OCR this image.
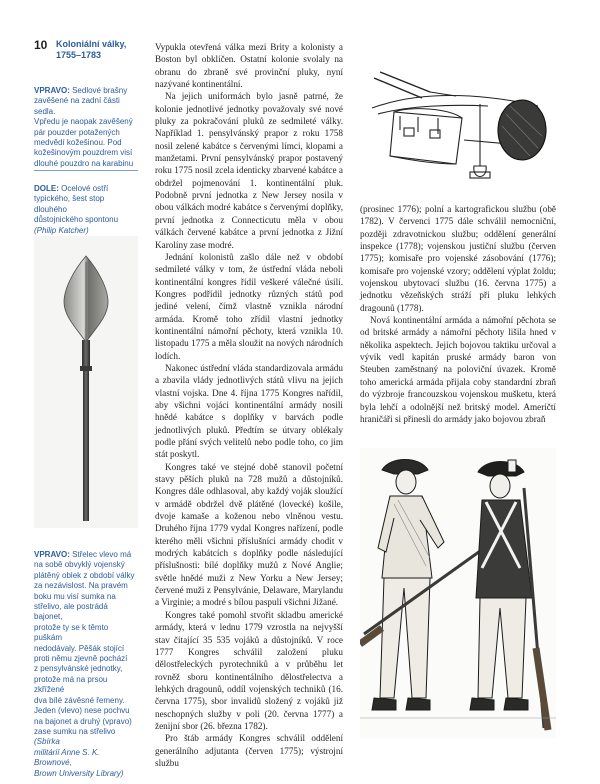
10 Koloniální války,
1755–1783
VPRAVO: Sedlové brašny
zavěšené na zadní části sedla.
Vpředu je naopak zavěšený
pár pouzder potažených
medvědí kožešinou. Pod
kožešinovým pouzdrem visí
dlouhé pouzdro na karabinu
DOLE: Ocelové ostří
typického, šest stop dlouhého
důstojnického spontonu
(Philip Katcher)
VPRAVO: Střelec vlevo má
na sobě obvyklý vojenský
plátěný oblek z období války
za nezávislost. Na pravém
boku mu visí sumka na
střelivo, ale postrádá bajonet,
protože ty se k těmto puškám
nedodávaly. Pěšák stojící
proti němu zjevně pochází
z pensylvánské jednotky,
protože má na prsou zkřížené
dva bílé závěsné řemeny.
Jeden (vlevo) nese pochvu
na bajonet a druhý (vpravo)
zase sumku na střelivo (Sbírka
militárií Anne S. K. Brownové,
Brown University Library)

Vypukla otevřená válka mezi Brity a kolonisty a Boston byl obklíčen. Ostatní kolonie svolaly na obranu do zbraně své provinční pluky, nyní nazývané kontinentální.

Na jejich uniformách bylo jasně patrné, že kolonie jednotlivé jednotky považovaly své nové pluky za pokračování pluků ze sedmileté války. Například 1. pensylvánský prapor z roku 1758 nosil zelené kabátce s červenými límci, klopami a manžetami. První pensylvánský prapor postavený roku 1775 nosil zcela identicky zbarvené kabátce a obdržel pojmenování 1. kontinentální pluk. Podobně první jednotka z New Jersey nosila v obou válkách modré kabátce s červenými doplňky, první jednotka z Connecticutu měla v obou válkách červené kabátce a první jednotka z Jižní Karolíny zase modré.

Jednání kolonistů zašlo dále než v období sedmileté války v tom, že ústřední vláda neboli kontinentální kongres řídil veškeré válečné úsilí. Kongres podřídil jednotky různých států pod jediné velení, čímž vlastně vznikla národní armáda. Kromě toho zřídil vlastní jednotky kontinentální námořní pěchoty, která vznikla 10. listopadu 1775 a měla sloužit na nových národních lodích.

Nakonec ústřední vláda standardizovala armádu a zbavila vlády jednotlivých států vlivu na jejich vlastní vojska. Dne 4. října 1775 Kongres nařídil, aby všichni vojáci kontinentální armády nosili hnědé kabátce s doplňky v barvách podle jednotlivých pluků. Předtím se útvary oblékaly podle přání svých velitelů nebo podle toho, co jim stát poskytl.

Kongres také ve stejné době stanovil početní stavy pěších pluků na 728 mužů a důstojníků. Kongres dále odhlasoval, aby každý voják sloužící v armádě obdržel dvě plátěné (lovecké) košile, dvoje kamaše a koženou nebo vlněnou vestu. Druhého října 1779 vydal Kongres nařízení, podle kterého měli všichni příslušníci armády chodit v modrých kabátcích s doplňky podle následující příslušnosti: bílé doplňky mužů z Nové Anglie; světle hnědé muži z New Yorku a New Jersey; červené muži z Pensylvánie, Delaware, Marylandu a Virginie; a modré s bílou paspulí všichni Jižané.

Kongres také pomohl stvořit skladbu americké armády, která v lednu 1779 vzrostla na nejvyšší stav čítající 35 535 vojáků a důstojníků. V roce 1777 Kongres schválil založení pluku dělostřeleckých pyrotechniků a v průběhu let rovněž sboru kontinentálního dělostřelectva a lehkých dragounů, oddíl vojenských techniků (16. června 1775), sbor invalidů složený z vojáků již neschopných služby v poli (20. června 1777) a ženijní sbor (26. března 1782).

Pro štáb armády Kongres schválil oddělení generálního adjutanta (červen 1775); výstrojní službu

(prosinec 1776); polní a kartografickou službu (obě 1782). V červenci 1775 dále schválil nemocniční, později zdravotnickou službu; oddělení generální inspekce (1778); vojenskou justiční službu (červen 1775); komisaře pro vojenské zásobování (1776); komisaře pro vojenské vzory; oddělení výplat žoldu; vojenskou ubytovací službu (16. června 1775) a jednotku vězeňských stráží při pluku lehkých dragounů (1778).

Nová kontinentální armáda a námořní pěchota se od britské armády a námořní pěchoty lišila hned v několika aspektech. Jejich bojovou taktiku určoval a vývik vedl kapitán pruské armády baron von Steuben zaměstnaný na poloviční úvazek. Kromě toho americká armáda přijala coby standardní zbraň do výzbroje francouzskou vojenskou mušketu, která byla lehčí a odolnější než britský model. Američtí hraničáři si přinesli do armády jako bojovou zbraň
